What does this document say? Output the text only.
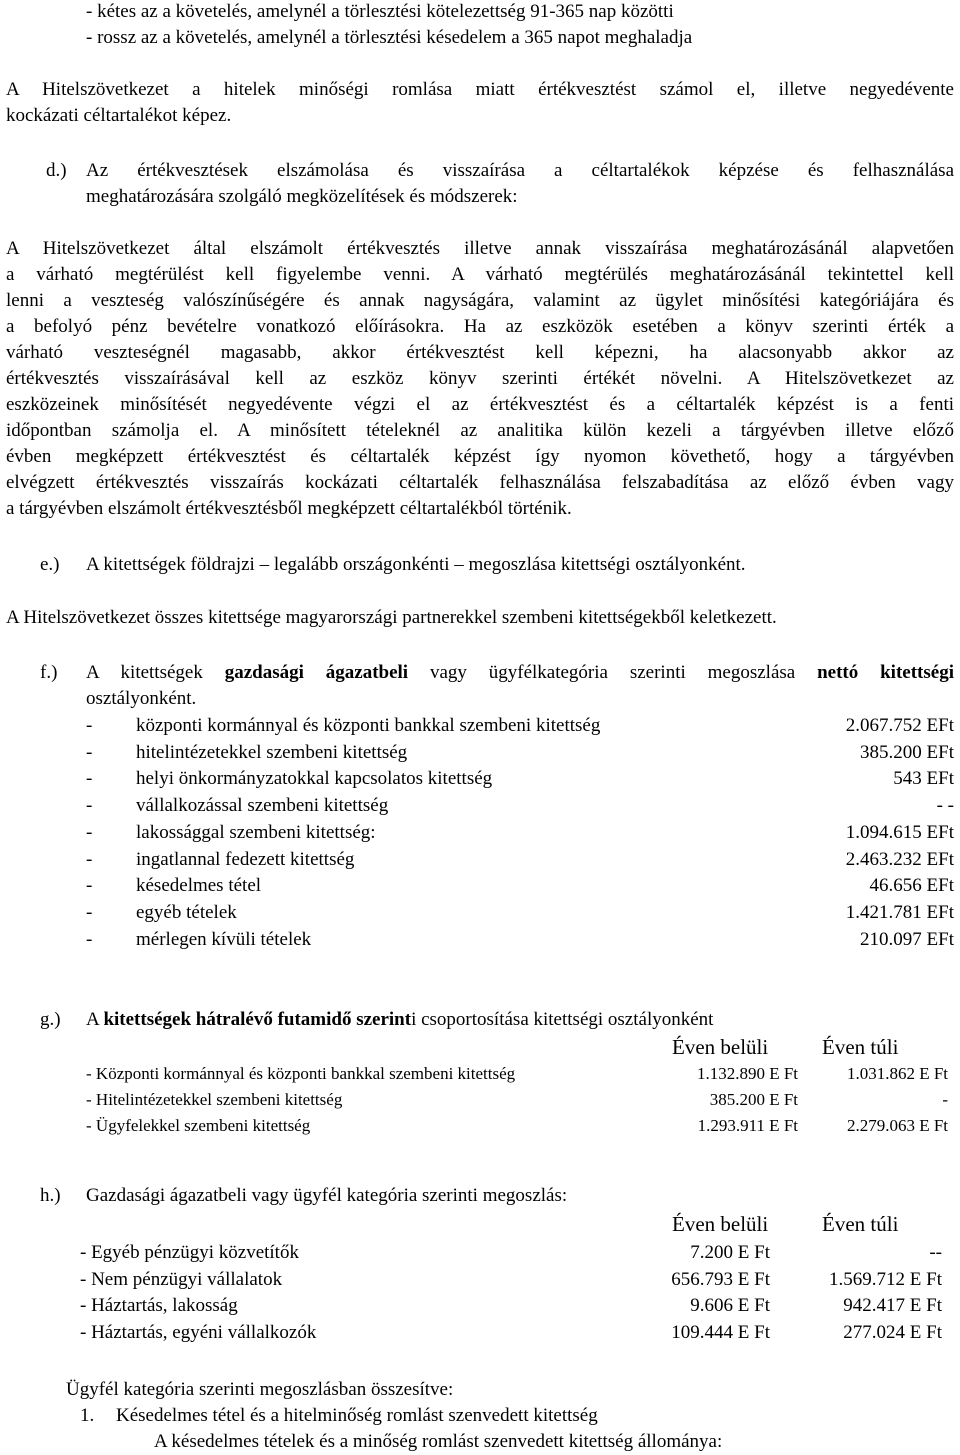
- kétes az a követelés, amelynél a törlesztési kötelezettség 91-365 nap közötti
- rossz az a követelés, amelynél a törlesztési késedelem a 365 napot meghaladja
A Hitelszövetkezet a hitelek minőségi romlása miatt értékvesztést számol el, illetve negyedévente
kockázati céltartalékot képez.
d.) Az értékvesztések elszámolása és visszaírása a céltartalékok képzése és felhasználása
meghatározására szolgáló megközelítések és módszerek:
A Hitelszövetkezet által elszámolt értékvesztés illetve annak visszaírása meghatározásánál alapvetően
a várható megtérülést kell figyelembe venni. A várható megtérülés meghatározásánál tekintettel kell
lenni a veszteség valószínűségére és annak nagyságára, valamint az ügylet minősítési kategóriájára és
a befolyó pénz bevételre vonatkozó előírásokra. Ha az eszközök esetében a könyv szerinti érték a
várható veszteségnél magasabb, akkor értékvesztést kell képezni, ha alacsonyabb akkor az
értékvesztés visszaírásával kell az eszköz könyv szerinti értékét növelni. A Hitelszövetkezet az
eszközeinek minősítését negyedévente végzi el az értékvesztést és a céltartalék képzést is a fenti
időpontban számolja el. A minősített tételeknél az analitika külön kezeli a tárgyévben illetve előző
évben megképzett értékvesztést és céltartalék képzést így nyomon követhető, hogy a tárgyévben
elvégzett értékvesztés visszaírás kockázati céltartalék felhasználása felszabadítása az előző évben vagy
a tárgyévben elszámolt értékvesztésből megképzett céltartalékból történik.
e.) A kitettségek földrajzi – legalább országonkénti – megoszlása kitettségi osztályonként.
A Hitelszövetkezet összes kitettsége magyarországi partnerekkel szembeni kitettségekből keletkezett.
f.) A kitettségek gazdasági ágazatbeli vagy ügyfélkategória szerinti megoszlása nettó kitettségi
osztályonként.
- központi kormánnyal és központi bankkal szembeni kitettség	2.067.752 EFt
- hitelintézetekkel szembeni kitettség	385.200 EFt
- helyi önkormányzatokkal kapcsolatos kitettség	543 EFt
- vállalkozással szembeni kitettség	- -
- lakossággal szembeni kitettség:	1.094.615 EFt
- ingatlannal fedezett kitettség	2.463.232 EFt
- késedelmes tétel	46.656 EFt
- egyéb tételek	1.421.781 EFt
- mérlegen kívüli tételek	210.097 EFt
g.) A kitettségek hátralévő futamidő szerinti csoportosítása kitettségi osztályonként
Éven belüli	Éven túli
- Központi kormánnyal és központi bankkal szembeni kitettség	1.132.890 E Ft	1.031.862 E Ft
- Hitelintézetekkel szembeni kitettség	385.200 E Ft	-
- Ügyfelekkel szembeni kitettség	1.293.911 E Ft	2.279.063 E Ft
h.) Gazdasági ágazatbeli vagy ügyfél kategória szerinti megoszlás:
Éven belüli	Éven túli
- Egyéb pénzügyi közvetítők	7.200 E Ft	--
- Nem pénzügyi vállalatok	656.793 E Ft	1.569.712 E Ft
- Háztartás, lakosság	9.606 E Ft	942.417 E Ft
- Háztartás, egyéni vállalkozók	109.444 E Ft	277.024 E Ft
Ügyfél kategória szerinti megoszlásban összesítve:
1. Késedelmes tétel és a hitelminőség romlást szenvedett kitettség
A késedelmes tételek és a minőség romlást szenvedett kitettség állománya:
